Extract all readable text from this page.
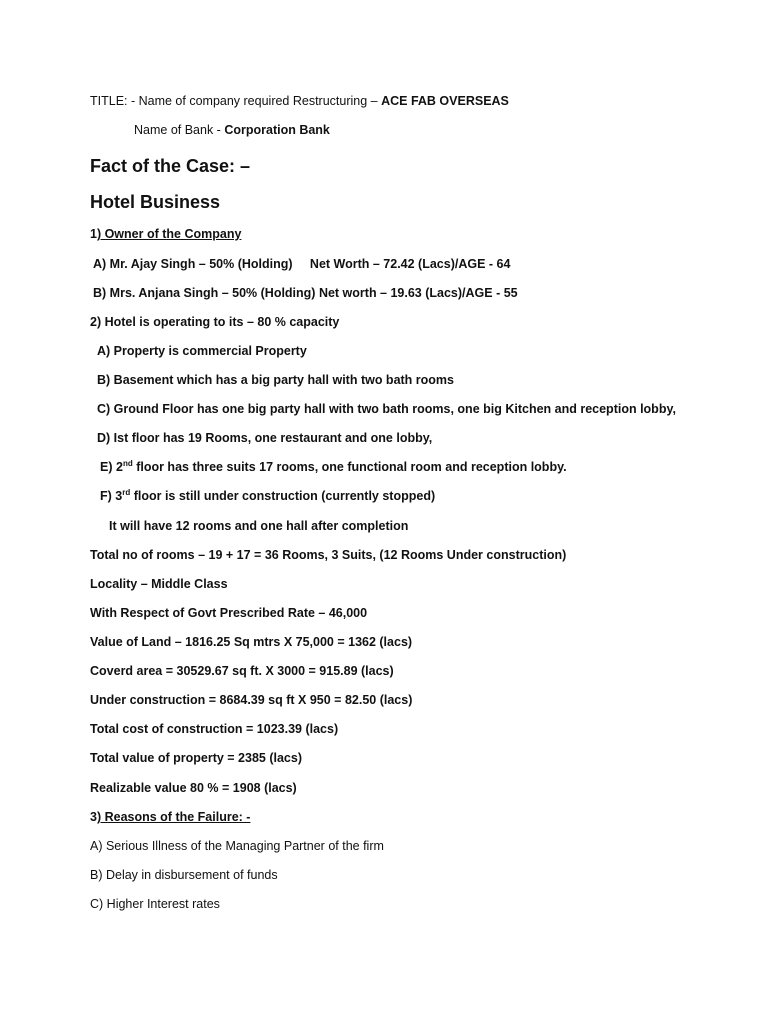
TITLE: - Name of company required Restructuring – ACE FAB OVERSEAS
Name of Bank - Corporation Bank
Fact of the Case: –
Hotel Business
1) Owner of the Company
A) Mr. Ajay Singh – 50% (Holding)     Net Worth – 72.42 (Lacs)/AGE - 64
B) Mrs. Anjana Singh – 50% (Holding) Net worth – 19.63 (Lacs)/AGE - 55
2) Hotel is operating to its – 80 % capacity
A) Property is commercial Property
B) Basement which has a big party hall with two bath rooms
C) Ground Floor has one big party hall with two bath rooms, one big Kitchen and reception lobby,
D) Ist floor has 19 Rooms, one restaurant and one lobby,
E) 2nd floor has three suits 17 rooms, one functional room and reception lobby.
F) 3rd floor is still under construction (currently stopped)
It will have 12 rooms and one hall after completion
Total no of rooms – 19 + 17 = 36 Rooms, 3 Suits, (12 Rooms Under construction)
Locality – Middle Class
With Respect of Govt Prescribed Rate – 46,000
Value of Land – 1816.25 Sq mtrs X 75,000 = 1362 (lacs)
Coverd area = 30529.67 sq ft. X 3000 = 915.89 (lacs)
Under construction = 8684.39 sq ft X 950 = 82.50 (lacs)
Total cost of construction = 1023.39 (lacs)
Total value of property = 2385 (lacs)
Realizable value 80 % = 1908 (lacs)
3) Reasons of the Failure: -
A) Serious Illness of the Managing Partner of the firm
B) Delay in disbursement of funds
C) Higher Interest rates
